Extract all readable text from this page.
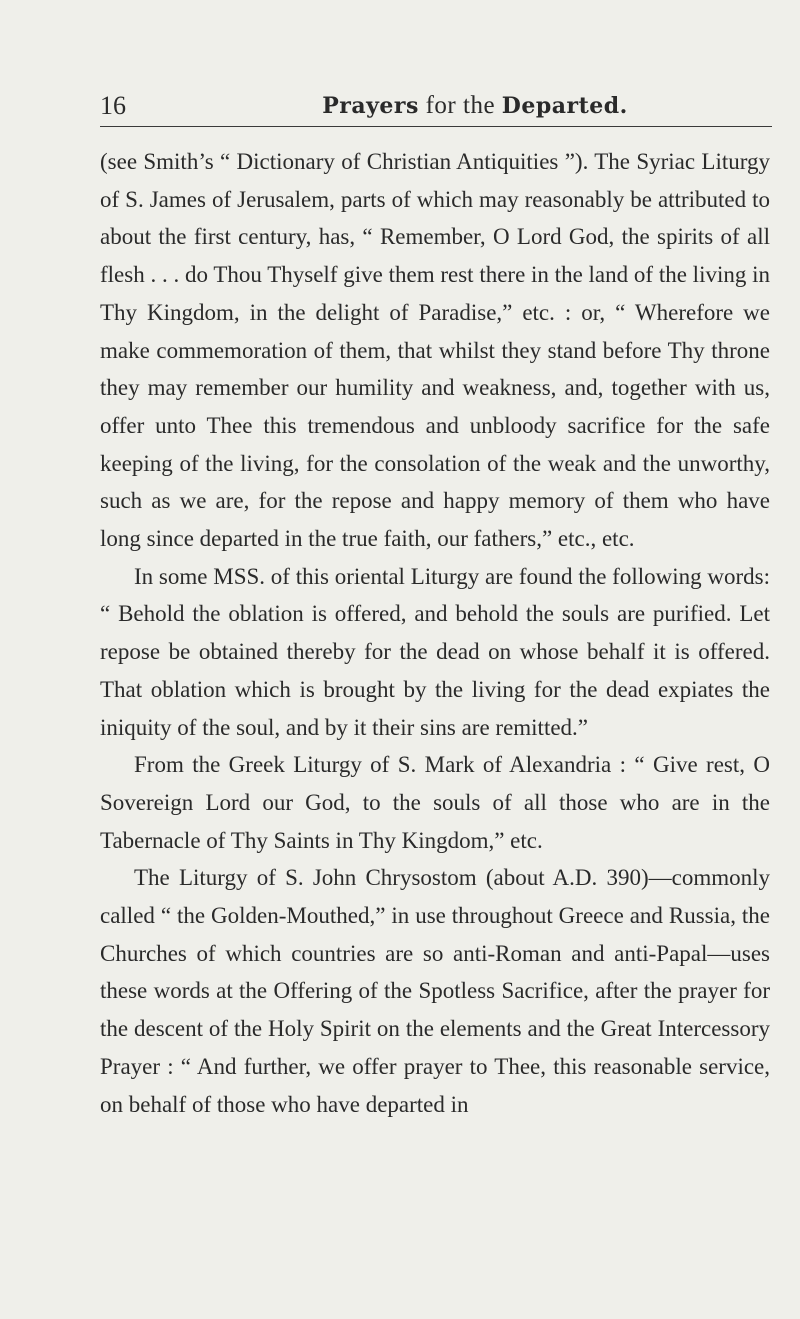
16	Prayers for the Departed.

(see Smith’s “ Dictionary of Christian Antiquities ”). The Syriac Liturgy of S. James of Jerusalem, parts of which may reasonably be attributed to about the first century, has, “ Remember, O Lord God, the spirits of all flesh . . . do Thou Thyself give them rest there in the land of the living in Thy Kingdom, in the delight of Paradise,” etc. : or, “ Wherefore we make commemoration of them, that whilst they stand before Thy throne they may remember our humility and weakness, and, together with us, offer unto Thee this tremendous and unbloody sacrifice for the safe keeping of the living, for the consolation of the weak and the unworthy, such as we are, for the repose and happy memory of them who have long since departed in the true faith, our fathers,” etc., etc.

In some MSS. of this oriental Liturgy are found the following words: “ Behold the oblation is offered, and behold the souls are purified. Let repose be obtained thereby for the dead on whose behalf it is offered. That oblation which is brought by the living for the dead expiates the iniquity of the soul, and by it their sins are remitted.”

From the Greek Liturgy of S. Mark of Alexandria : “ Give rest, O Sovereign Lord our God, to the souls of all those who are in the Tabernacle of Thy Saints in Thy Kingdom,” etc.

The Liturgy of S. John Chrysostom (about A.D. 390)—commonly called “ the Golden-Mouthed,” in use throughout Greece and Russia, the Churches of which countries are so anti-Roman and anti-Papal—uses these words at the Offering of the Spotless Sacrifice, after the prayer for the descent of the Holy Spirit on the elements and the Great Intercessory Prayer : “ And further, we offer prayer to Thee, this reasonable service, on behalf of those who have departed in
